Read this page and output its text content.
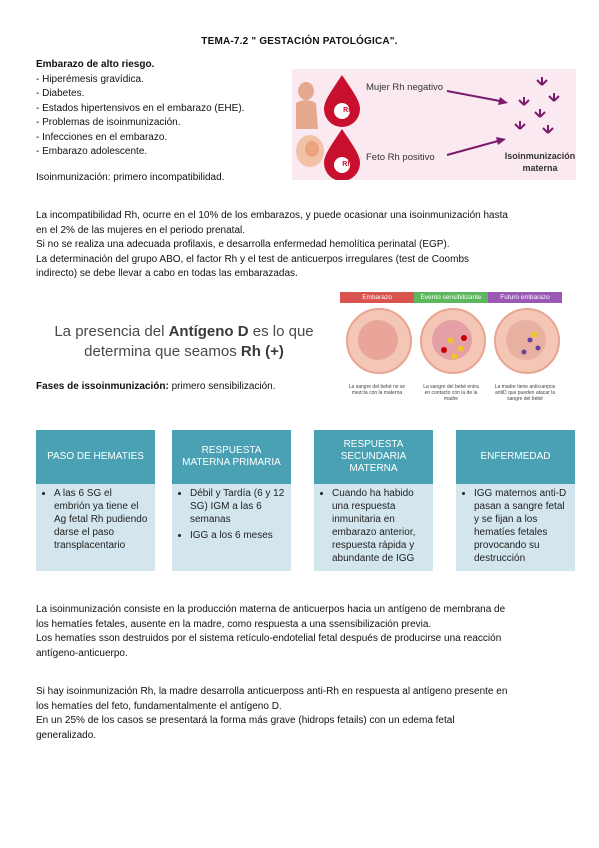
TEMA-7.2 " GESTACIÓN PATOLÓGICA".
Embarazo de alto riesgo.
- Hiperémesis gravídica.
- Diabetes.
- Estados hipertensivos en el embarazo (EHE).
- Problemas de isoinmunización.
- Infecciones en el embarazo.
- Embarazo adolescente.
Isoinmunización: primero incompatibilidad.
Rh-
Rh+
Mujer Rh negativo
Feto Rh positivo	Isoinmunización
materna
La incompatibilidad Rh, ocurre en el 10% de los embarazos, y puede ocasionar una isoinmunización hasta
en el 2% de las mujeres en el periodo prenatal.
Si no se realiza una adecuada profilaxis, e desarrolla enfermedad hemolítica perinatal (EGP).
La determinación del grupo ABO, el factor Rh y el test de anticuerpos irregulares (test de Coombs
indirecto) se debe llevar a cabo en todas las embarazadas.
La presencia del Antígeno D es lo que
determina que seamos Rh (+)
Fases de issoinmunización: primero sensibilización.
Embarazo	Evento sensibilizante	Futuro embarazo
La sangre del bebé no se mezcla con la materna
La sangre del bebé entra en contacto con la de la madre
La madre tiene anticuerpos antiD que pueden atacar la sangre del bebé
PASO DE HEMATIES
• A las 6 SG el embrión ya tiene el Ag fetal Rh pudiendo darse el paso transplacentario
RESPUESTA MATERNA PRIMARIA
• Débil y Tardía (6 y 12 SG) IGM a las 6 semanas
• IGG a los 6 meses
RESPUESTA SECUNDARIA MATERNA
• Cuando ha habido una respuesta inmunitaria en embarazo anterior, respuesta rápida y abundante de IGG
ENFERMEDAD
• IGG maternos anti-D pasan a sangre fetal y se fijan a los hematíes fetales provocando su destrucción
La isoinmunización consiste en la producción materna de anticuerpos hacia un antígeno de membrana de
los hematíes fetales, ausente en la madre, como respuesta a una ssensibilización previa.
Los hematíes sson destruidos por el sistema retículo-endotelial fetal después de producirse una reacción
antígeno-anticuerpo.
Si hay isoinmunización Rh, la madre desarrolla anticuerposs anti-Rh en respuesta al antígeno presente en
los hematíes del feto, fundamentalmente el antígeno D.
En un 25% de los casos se presentará la forma más grave (hidrops fetails) con un edema fetal
generalizado.
